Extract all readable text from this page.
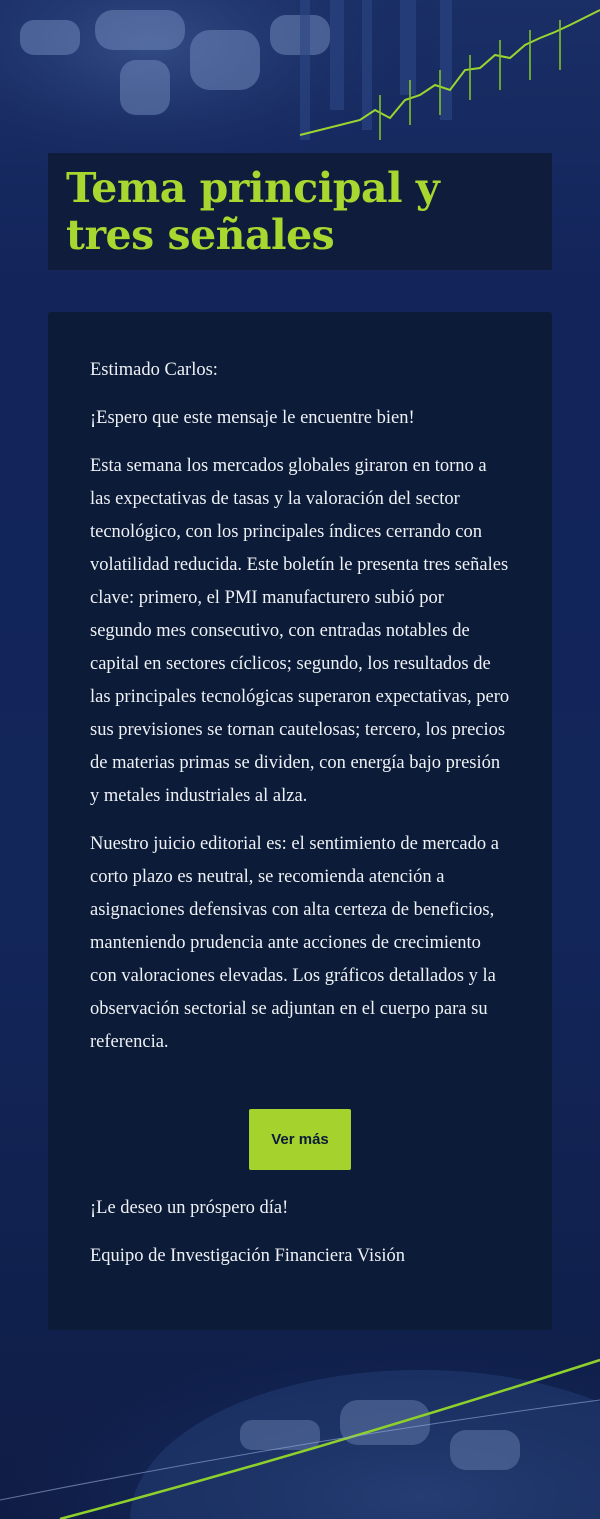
Tema principal y tres señales

Estimado Carlos:

¡Espero que este mensaje le encuentre bien!

Esta semana los mercados globales giraron en torno a las expectativas de tasas y la valoración del sector tecnológico, con los principales índices cerrando con volatilidad reducida. Este boletín le presenta tres señales clave: primero, el PMI manufacturero subió por segundo mes consecutivo, con entradas notables de capital en sectores cíclicos; segundo, los resultados de las principales tecnológicas superaron expectativas, pero sus previsiones se tornan cautelosas; tercero, los precios de materias primas se dividen, con energía bajo presión y metales industriales al alza.

Nuestro juicio editorial es: el sentimiento de mercado a corto plazo es neutral, se recomienda atención a asignaciones defensivas con alta certeza de beneficios, manteniendo prudencia ante acciones de crecimiento con valoraciones elevadas. Los gráficos detallados y la observación sectorial se adjuntan en el cuerpo para su referencia.

Ver más

¡Le deseo un próspero día!

Equipo de Investigación Financiera Visión
